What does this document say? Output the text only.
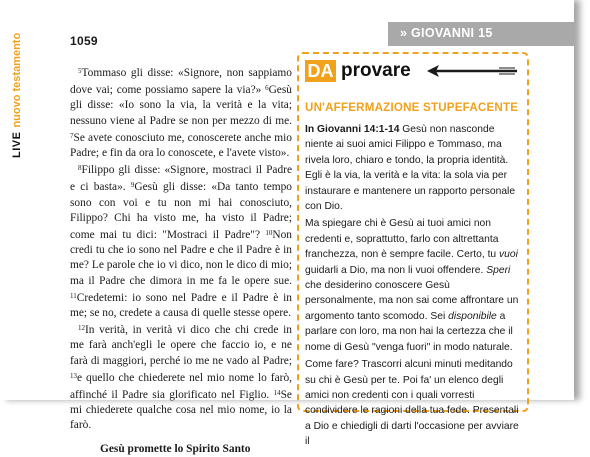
LIVEnuovo testamento	1059

$^5$Tommaso gli disse: «Signore, non sappiamo dove vai; come possiamo sapere la via?» $^6$Gesù gli disse: «Io sono la via, la verità e la vita; nessuno viene al Padre se non per mezzo di me. $^7$Se avete conosciuto me, conoscerete anche mio Padre; e fin da ora lo conoscete, e l'avete visto».

$^8$Filippo gli disse: «Signore, mostraci il Padre e ci basta». $^9$Gesù gli disse: «Da tanto tempo sono con voi e tu non mi hai conosciuto, Filippo? Chi ha visto me, ha visto il Padre; come mai tu dici: "Mostraci il Padre"? $^{10}$Non credi tu che io sono nel Padre e che il Padre è in me? Le parole che io vi dico, non le dico di mio; ma il Padre che dimora in me fa le opere sue. $^{11}$Credetemi: io sono nel Padre e il Padre è in me; se no, credete a causa di quelle stesse opere.

$^{12}$In verità, in verità vi dico che chi crede in me farà anch'egli le opere che faccio io, e ne farà di maggiori, perché io me ne vado al Padre; $^{13}$e quello che chiederete nel mio nome lo farò, affinché il Padre sia glorificato nel Figlio. $^{14}$Se mi chiederete qualche cosa nel mio nome, io la farò.

Gesù promette lo Spirito Santo
» GIOVANNI 15
DA provare
UN'AFFERMAZIONE STUPEFACENTE

In Giovanni 14:1-14 Gesù non nasconde niente ai suoi amici Filippo e Tommaso, ma rivela loro, chiaro e tondo, la propria identità. Egli è la via, la verità e la vita: la sola via per instaurare e mantenere un rapporto personale con Dio.

Ma spiegare chi è Gesù ai tuoi amici non credenti e, soprattutto, farlo con altrettanta franchezza, non è sempre facile. Certo, tu vuoi guidarli a Dio, ma non li vuoi offendere. Speri che desiderino conoscere Gesù personalmente, ma non sai come affrontare un argomento tanto scomodo. Sei disponibile a parlare con loro, ma non hai la certezza che il nome di Gesù "venga fuori" in modo naturale.

Come fare? Trascorri alcuni minuti meditando su chi è Gesù per te. Poi fa' un elenco degli amici non credenti con i quali vorresti condividere le ragioni della tua fede. Presentali a Dio e chiedigli di darti l'occasione per avviare il
